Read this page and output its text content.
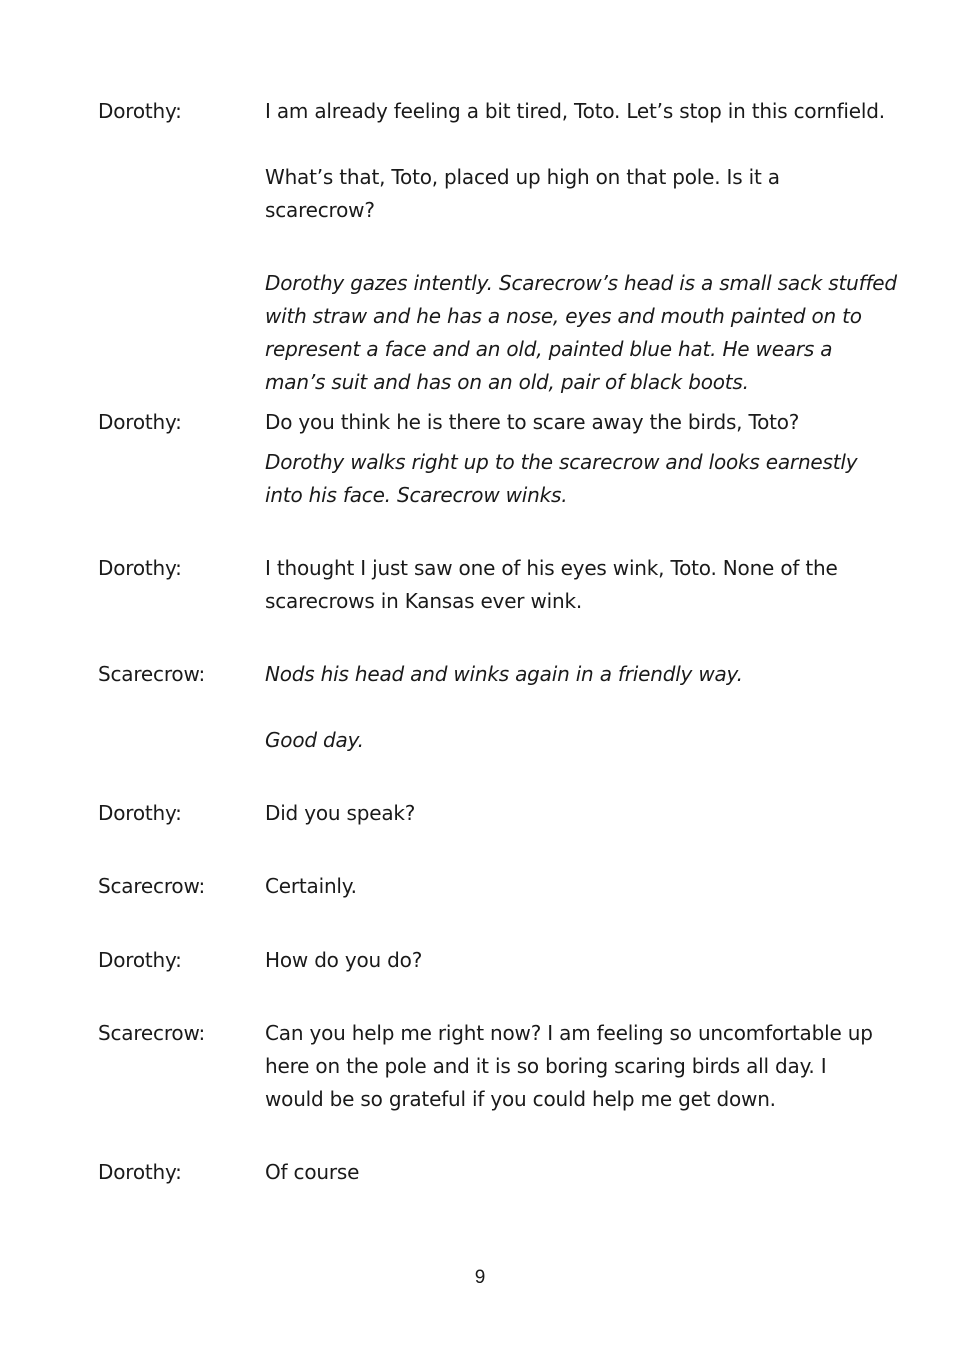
Dorothy:	I am already feeling a bit tired, Toto. Let’s stop in this cornfield.
What’s that, Toto, placed up high on that pole. Is it a
scarecrow?
Dorothy gazes intently. Scarecrow’s head is a small sack stuffed
with straw and he has a nose, eyes and mouth painted on to
represent a face and an old, painted blue hat. He wears a
man’s suit and has on an old, pair of black boots.
Dorothy:	Do you think he is there to scare away the birds, Toto?
Dorothy walks right up to the scarecrow and looks earnestly
into his face. Scarecrow winks.
Dorothy:	I thought I just saw one of his eyes wink, Toto. None of the
scarecrows in Kansas ever wink.
Scarecrow:	Nods his head and winks again in a friendly way.
Good day.
Dorothy:	Did you speak?
Scarecrow:	Certainly.
Dorothy:	How do you do?
Scarecrow:	Can you help me right now? I am feeling so uncomfortable up
here on the pole and it is so boring scaring birds all day. I
would be so grateful if you could help me get down.
Dorothy:	Of course
9
